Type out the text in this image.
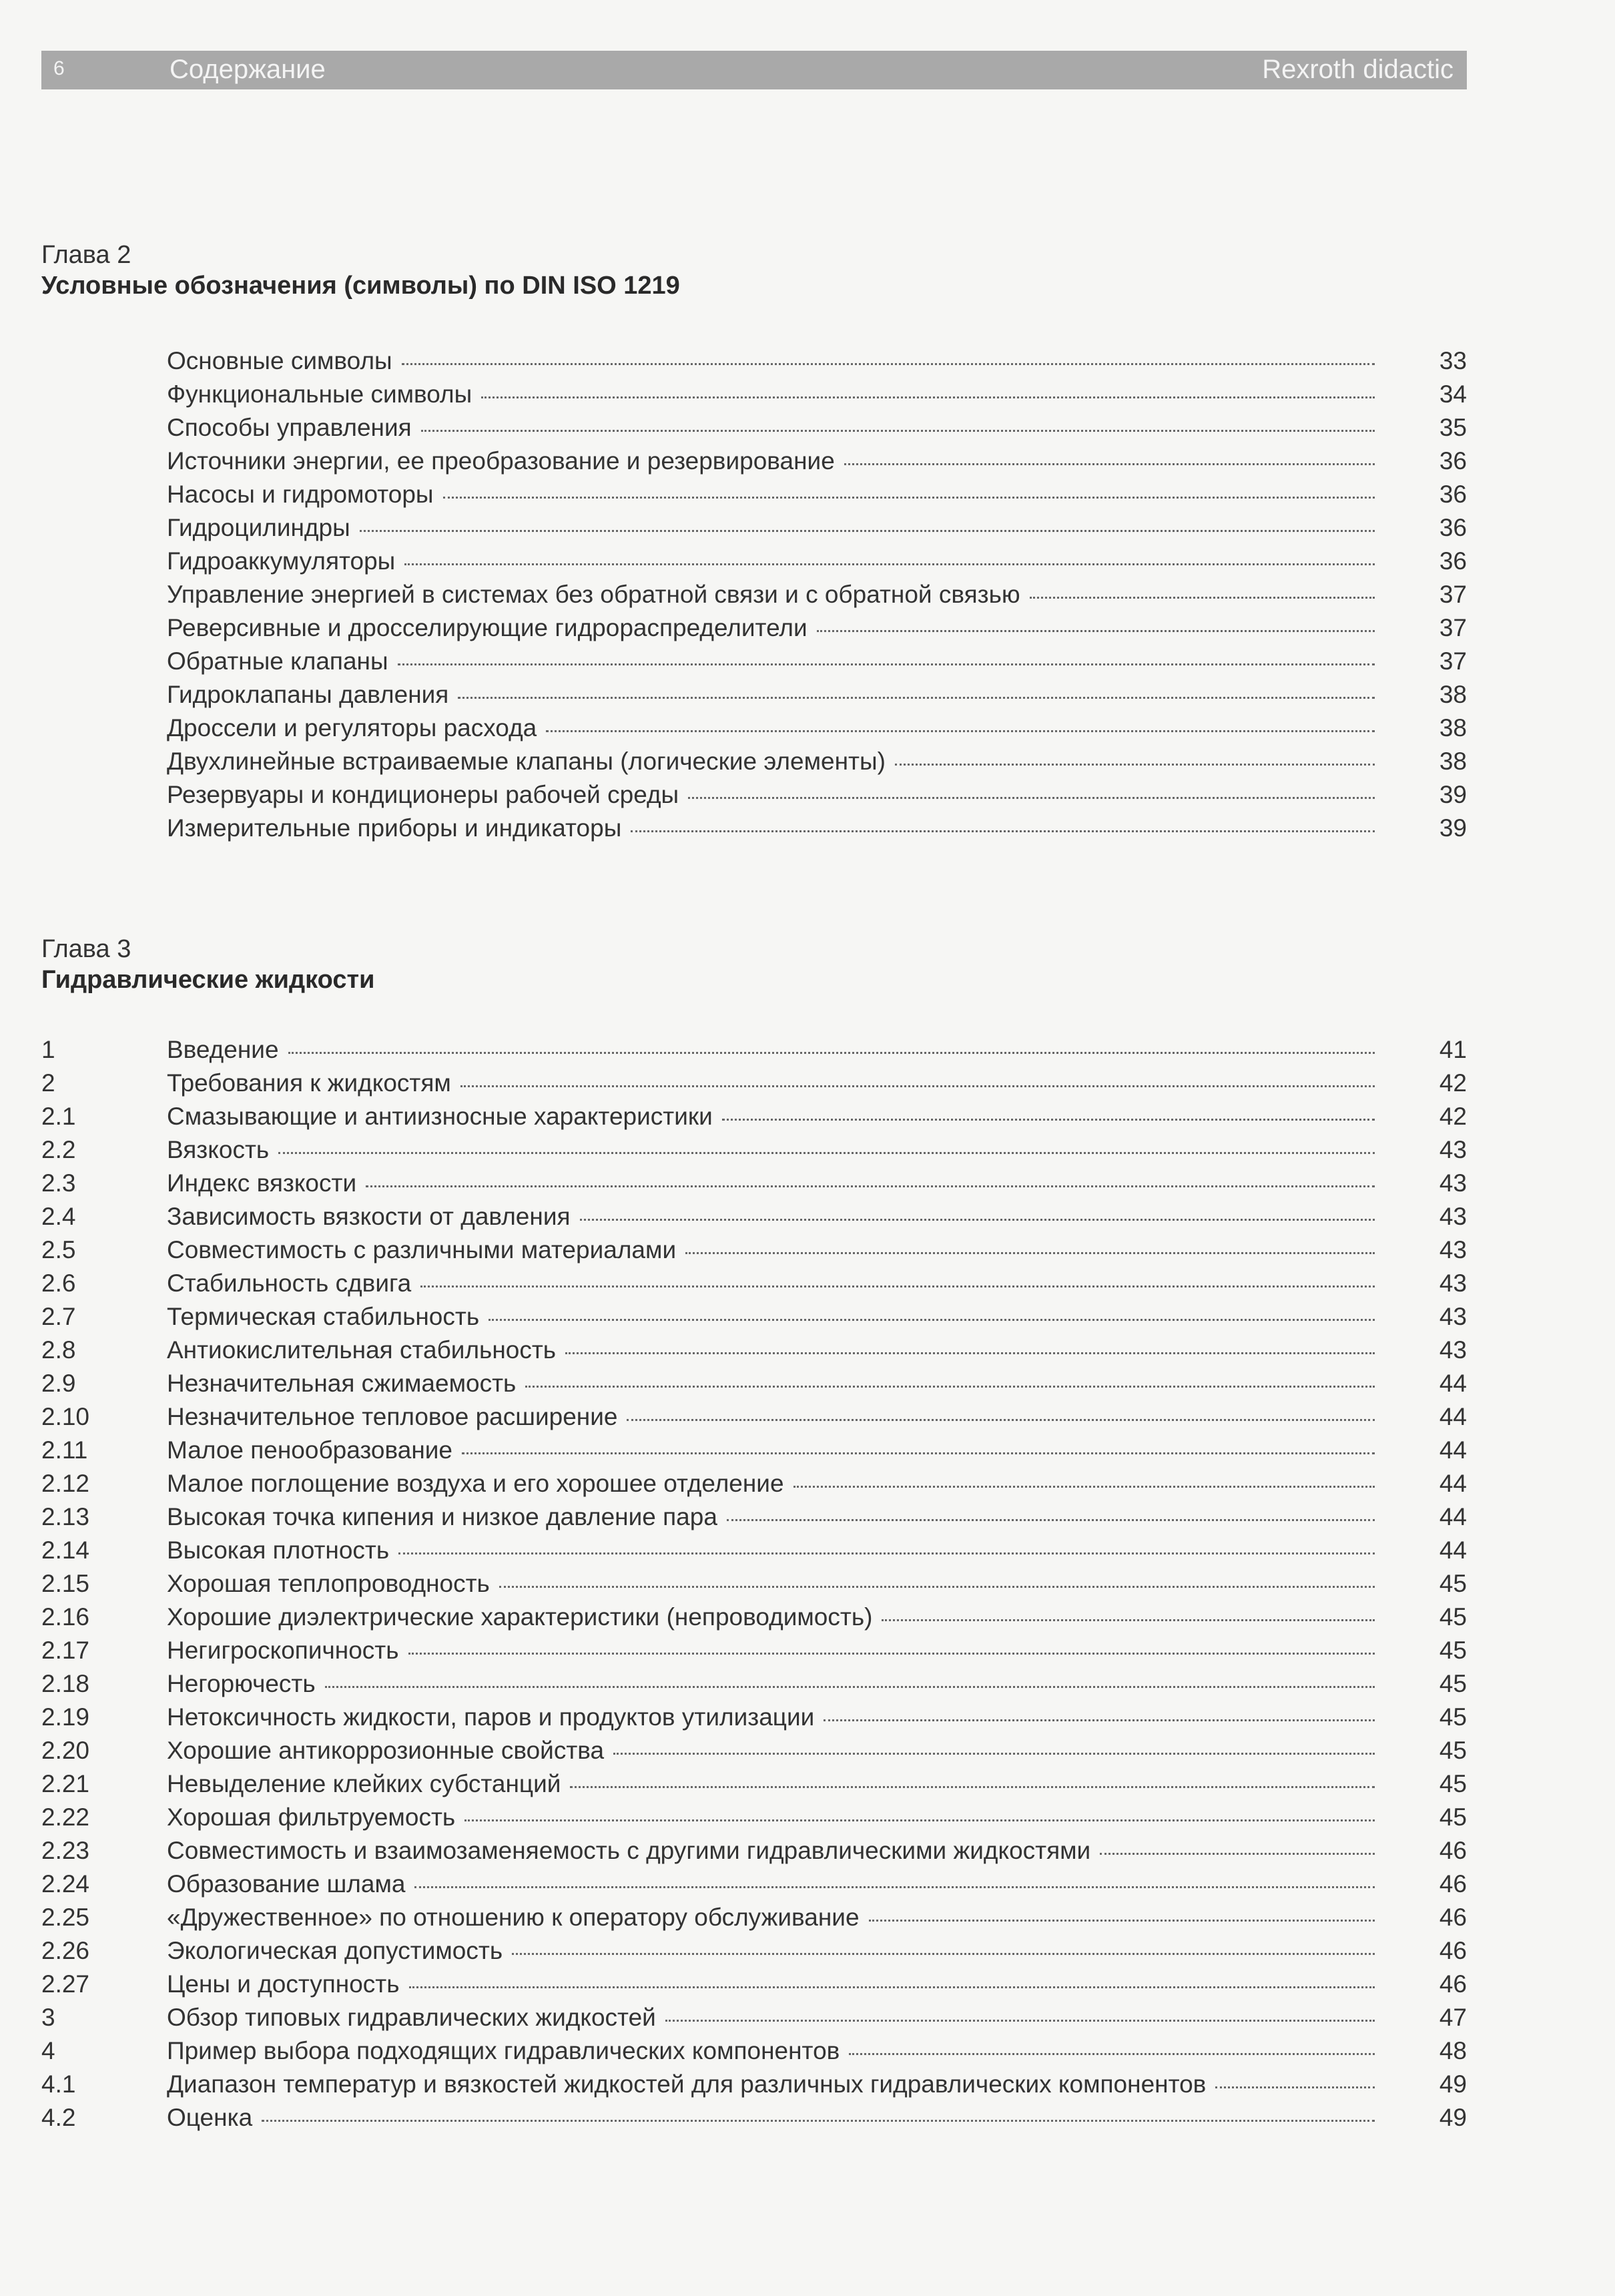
6	Содержание	Rexroth didactic
Глава 2
Условные обозначения (символы) по DIN ISO 1219
Основные символы	33
Функциональные символы	34
Способы управления	35
Источники энергии, ее преобразование и резервирование	36
Насосы и гидромоторы	36
Гидроцилиндры	36
Гидроаккумуляторы	36
Управление энергией в системах без обратной связи и с обратной связью	37
Реверсивные и дросселирующие гидрораспределители	37
Обратные клапаны	37
Гидроклапаны давления	38
Дроссели и регуляторы расхода	38
Двухлинейные встраиваемые клапаны (логические элементы)	38
Резервуары и кондиционеры рабочей среды	39
Измерительные приборы и индикаторы	39
Глава 3
Гидравлические жидкости
1	Введение	41
2	Требования к жидкостям	42
2.1	Смазывающие и антиизносные характеристики	42
2.2	Вязкость	43
2.3	Индекс вязкости	43
2.4	Зависимость вязкости от давления	43
2.5	Совместимость с различными материалами	43
2.6	Стабильность сдвига	43
2.7	Термическая стабильность	43
2.8	Антиокислительная стабильность	43
2.9	Незначительная сжимаемость	44
2.10	Незначительное тепловое расширение	44
2.11	Малое пенообразование	44
2.12	Малое поглощение воздуха и его хорошее отделение	44
2.13	Высокая точка кипения и низкое давление пара	44
2.14	Высокая плотность	44
2.15	Хорошая теплопроводность	45
2.16	Хорошие диэлектрические характеристики (непроводимость)	45
2.17	Негигроскопичность	45
2.18	Негорючесть	45
2.19	Нетоксичность жидкости, паров и продуктов утилизации	45
2.20	Хорошие антикоррозионные свойства	45
2.21	Невыделение клейких субстанций	45
2.22	Хорошая фильтруемость	45
2.23	Совместимость и взаимозаменяемость с другими гидравлическими жидкостями	46
2.24	Образование шлама	46
2.25	«Дружественное» по отношению к оператору обслуживание	46
2.26	Экологическая допустимость	46
2.27	Цены и доступность	46
3	Обзор типовых гидравлических жидкостей	47
4	Пример выбора подходящих гидравлических компонентов	48
4.1	Диапазон температур и вязкостей жидкостей для различных гидравлических компонентов	49
4.2	Оценка	49
